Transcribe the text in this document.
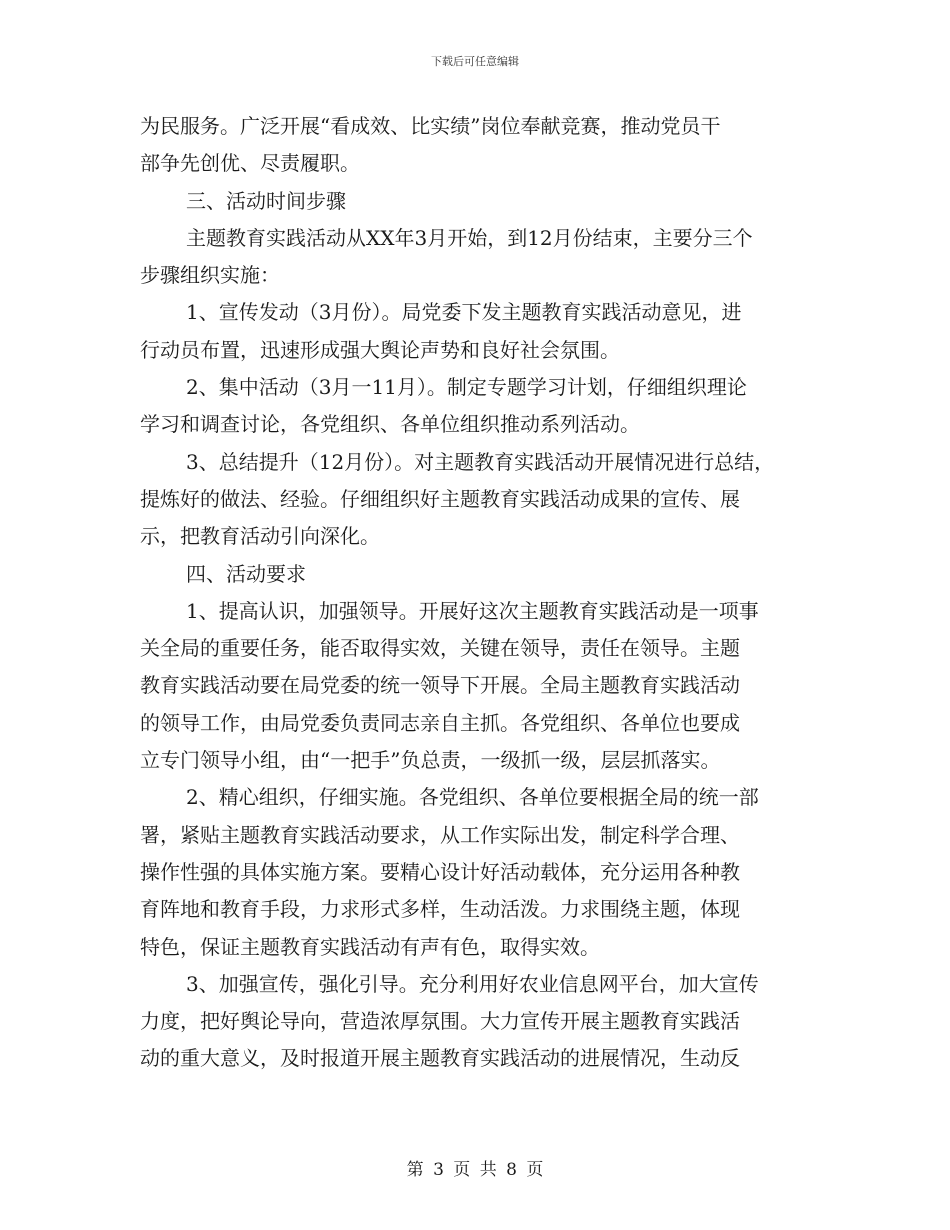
下载后可任意编辑
为民服务。广泛开展“看成效、比实绩”岗位奉献竞赛，推动党员干
部争先创优、尽责履职。
三、活动时间步骤
主题教育实践活动从XX年3月开始，到12月份结束，主要分三个
步骤组织实施：
1、宣传发动（3月份）。局党委下发主题教育实践活动意见，进
行动员布置，迅速形成强大舆论声势和良好社会氛围。
2、集中活动（3月一11月）。制定专题学习计划，仔细组织理论
学习和调查讨论，各党组织、各单位组织推动系列活动。
3、总结提升（12月份）。对主题教育实践活动开展情况进行总结，
提炼好的做法、经验。仔细组织好主题教育实践活动成果的宣传、展
示，把教育活动引向深化。
四、活动要求
1、提高认识，加强领导。开展好这次主题教育实践活动是一项事
关全局的重要任务，能否取得实效，关键在领导，责任在领导。主题
教育实践活动要在局党委的统一领导下开展。全局主题教育实践活动
的领导工作，由局党委负责同志亲自主抓。各党组织、各单位也要成
立专门领导小组，由“一把手”负总责，一级抓一级，层层抓落实。
2、精心组织，仔细实施。各党组织、各单位要根据全局的统一部
署，紧贴主题教育实践活动要求，从工作实际出发，制定科学合理、
操作性强的具体实施方案。要精心设计好活动载体，充分运用各种教
育阵地和教育手段，力求形式多样，生动活泼。力求围绕主题，体现
特色，保证主题教育实践活动有声有色，取得实效。
3、加强宣传，强化引导。充分利用好农业信息网平台，加大宣传
力度，把好舆论导向，营造浓厚氛围。大力宣传开展主题教育实践活
动的重大意义，及时报道开展主题教育实践活动的进展情况，生动反
第 3 页 共 8 页
